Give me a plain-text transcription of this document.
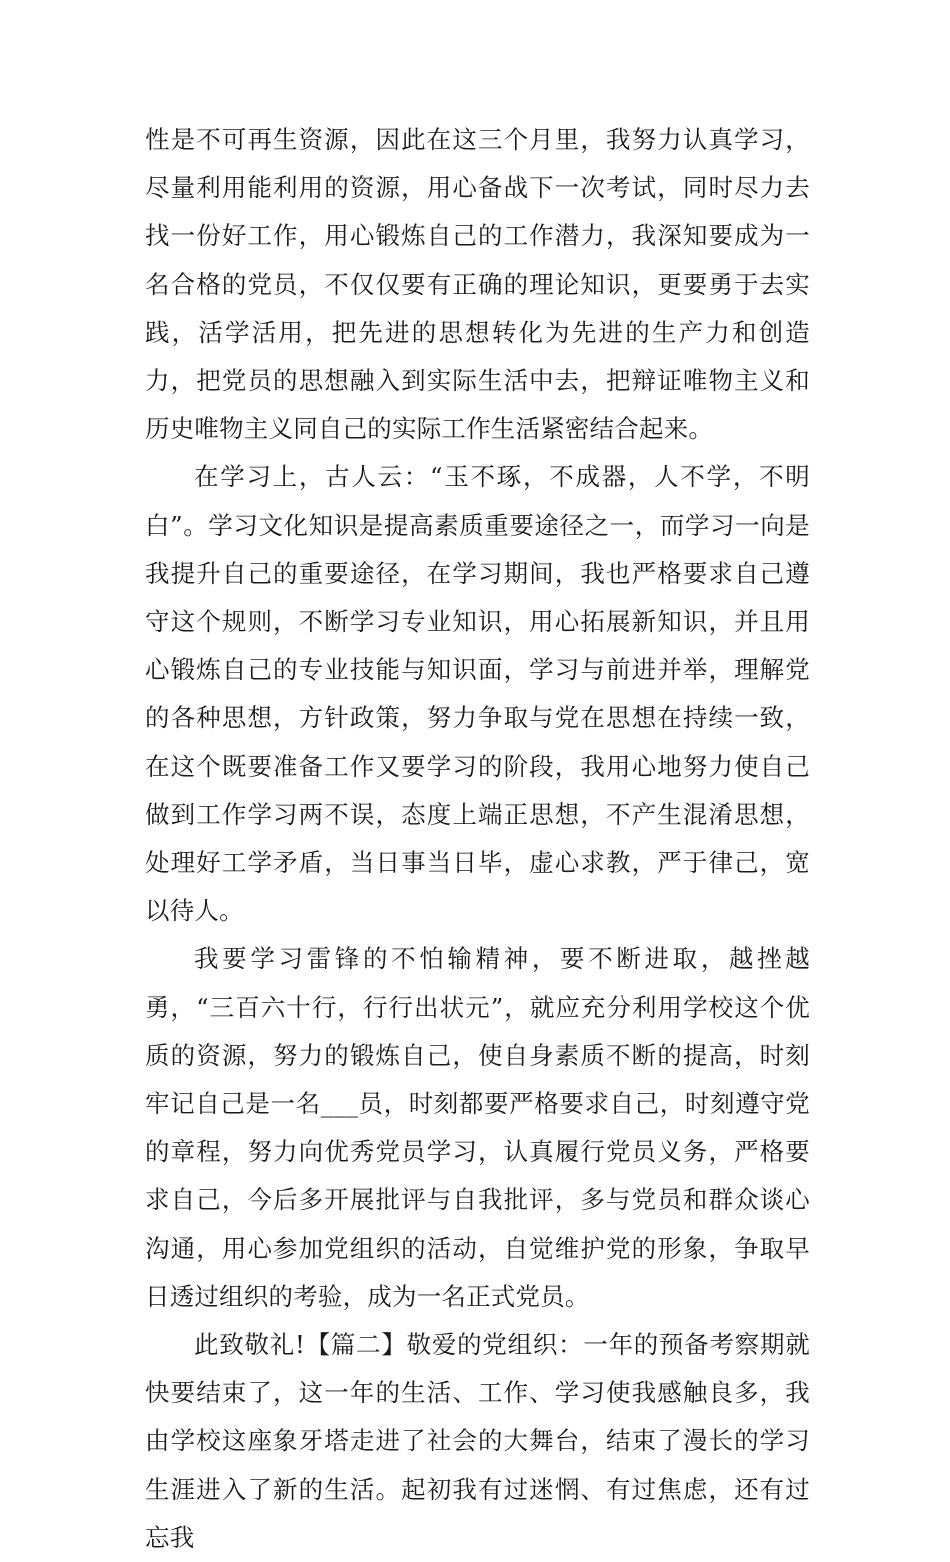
性是不可再生资源，因此在这三个月里，我努力认真学习，尽量利用能利用的资源，用心备战下一次考试，同时尽力去找一份好工作，用心锻炼自己的工作潜力，我深知要成为一名合格的党员，不仅仅要有正确的理论知识，更要勇于去实践，活学活用，把先进的思想转化为先进的生产力和创造力，把党员的思想融入到实际生活中去，把辩证唯物主义和历史唯物主义同自己的实际工作生活紧密结合起来。

在学习上，古人云：“玉不琢，不成器，人不学，不明白”。学习文化知识是提高素质重要途径之一，而学习一向是我提升自己的重要途径，在学习期间，我也严格要求自己遵守这个规则，不断学习专业知识，用心拓展新知识，并且用心锻炼自己的专业技能与知识面，学习与前进并举，理解党的各种思想，方针政策，努力争取与党在思想在持续一致，在这个既要准备工作又要学习的阶段，我用心地努力使自己做到工作学习两不误，态度上端正思想，不产生混淆思想，处理好工学矛盾，当日事当日毕，虚心求教，严于律己，宽以待人。

我要学习雷锋的不怕输精神，要不断进取，越挫越勇，“三百六十行，行行出状元”，就应充分利用学校这个优质的资源，努力的锻炼自己，使自身素质不断的提高，时刻牢记自己是一名___员，时刻都要严格要求自己，时刻遵守党的章程，努力向优秀党员学习，认真履行党员义务，严格要求自己，今后多开展批评与自我批评，多与党员和群众谈心沟通，用心参加党组织的活动，自觉维护党的形象，争取早日透过组织的考验，成为一名正式党员。

此致敬礼!【篇二】敬爱的党组织：一年的预备考察期就快要结束了，这一年的生活、工作、学习使我感触良多，我由学校这座象牙塔走进了社会的大舞台，结束了漫长的学习生涯进入了新的生活。起初我有过迷惘、有过焦虑，还有过忘我
